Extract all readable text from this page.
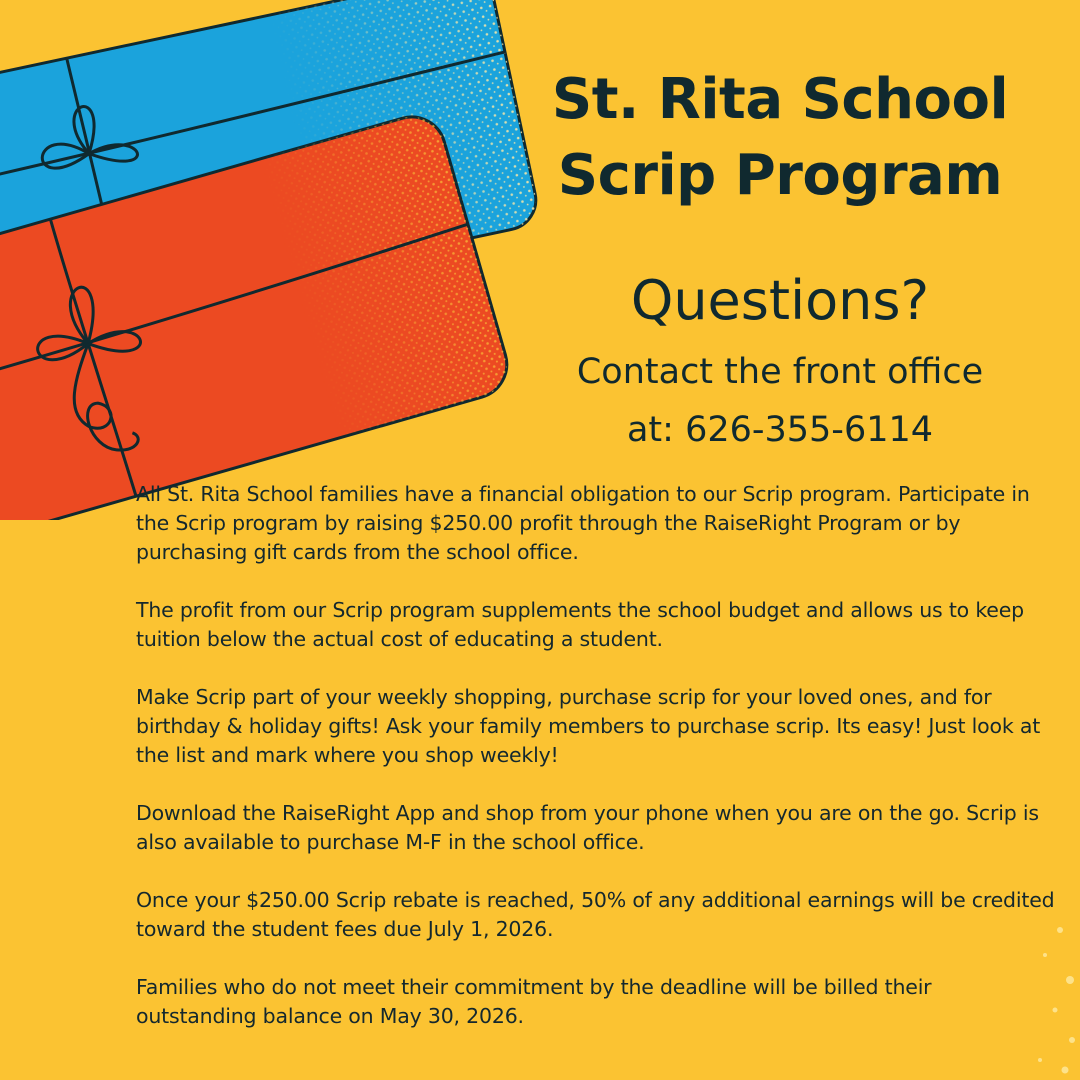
St. Rita School
Scrip Program
Questions?
Contact the front office
at: 626-355-6114

All St. Rita School families have a financial obligation to our Scrip program. Participate in the Scrip program by raising $250.00 profit through the RaiseRight Program or by purchasing gift cards from the school office.

The profit from our Scrip program supplements the school budget and allows us to keep tuition below the actual cost of educating a student.

Make Scrip part of your weekly shopping, purchase scrip for your loved ones, and for birthday & holiday gifts! Ask your family members to purchase scrip. Its easy! Just look at the list and mark where you shop weekly!

Download the RaiseRight App and shop from your phone when you are on the go. Scrip is also available to purchase M-F in the school office.

Once your $250.00 Scrip rebate is reached, 50% of any additional earnings will be credited toward the student fees due July 1, 2026.

Families who do not meet their commitment by the deadline will be billed their outstanding balance on May 30, 2026.
